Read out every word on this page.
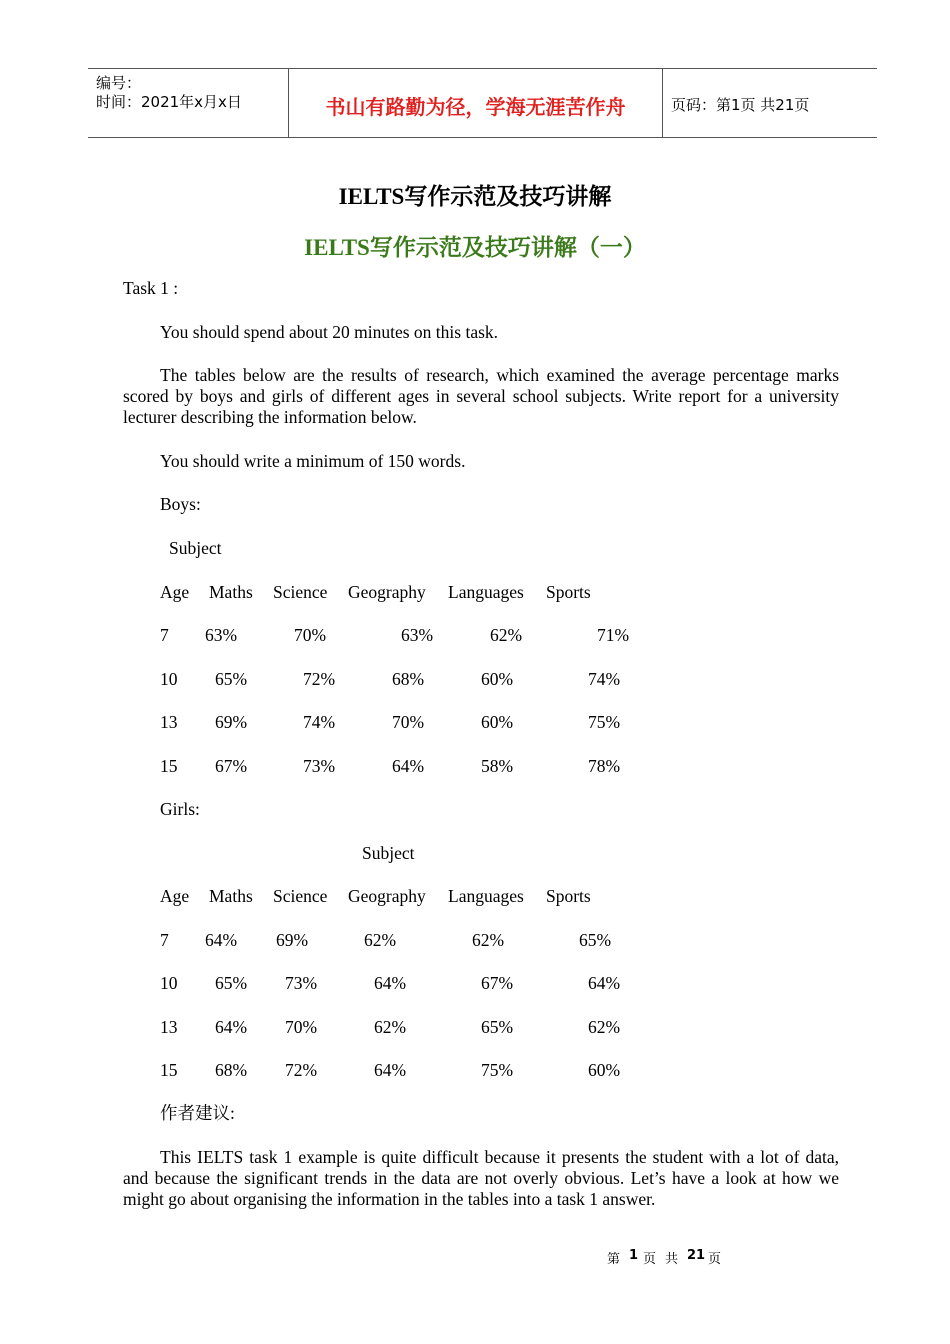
编号：
时间：2021年x月x日	书山有路勤为径，学海无涯苦作舟	页码：第1页 共21页
IELTS写作示范及技巧讲解
IELTS写作示范及技巧讲解（一）
Task 1 :
You should spend about 20 minutes on this task.
The tables below are the results of research, which examined the average percentage marks scored by boys and girls of different ages in several school subjects. Write report for a university lecturer describing the information below.
You should write a minimum of 150 words.
Boys:
Subject
Age Maths Science Geography Languages Sports
7 63%	70%	63%	62%	71%
10 65%	72%	68%	60%	74%
13 69%	74%	70%	60%	75%
15 67%	73%	64%	58%	78%
Girls:
Subject
Age Maths Science Geography Languages Sports
7 64% 69%	62%	62%	65%
10 65% 73%	64%	67%	64%
13 64% 70%	62%	65%	62%
15 68% 72%	64%	75%	60%
作者建议:
This IELTS task 1 example is quite difficult because it presents the student with a lot of data, and because the significant trends in the data are not overly obvious. Let’s have a look at how we might go about organising the information in the tables into a task 1 answer.
第 1 页 共 21 页
